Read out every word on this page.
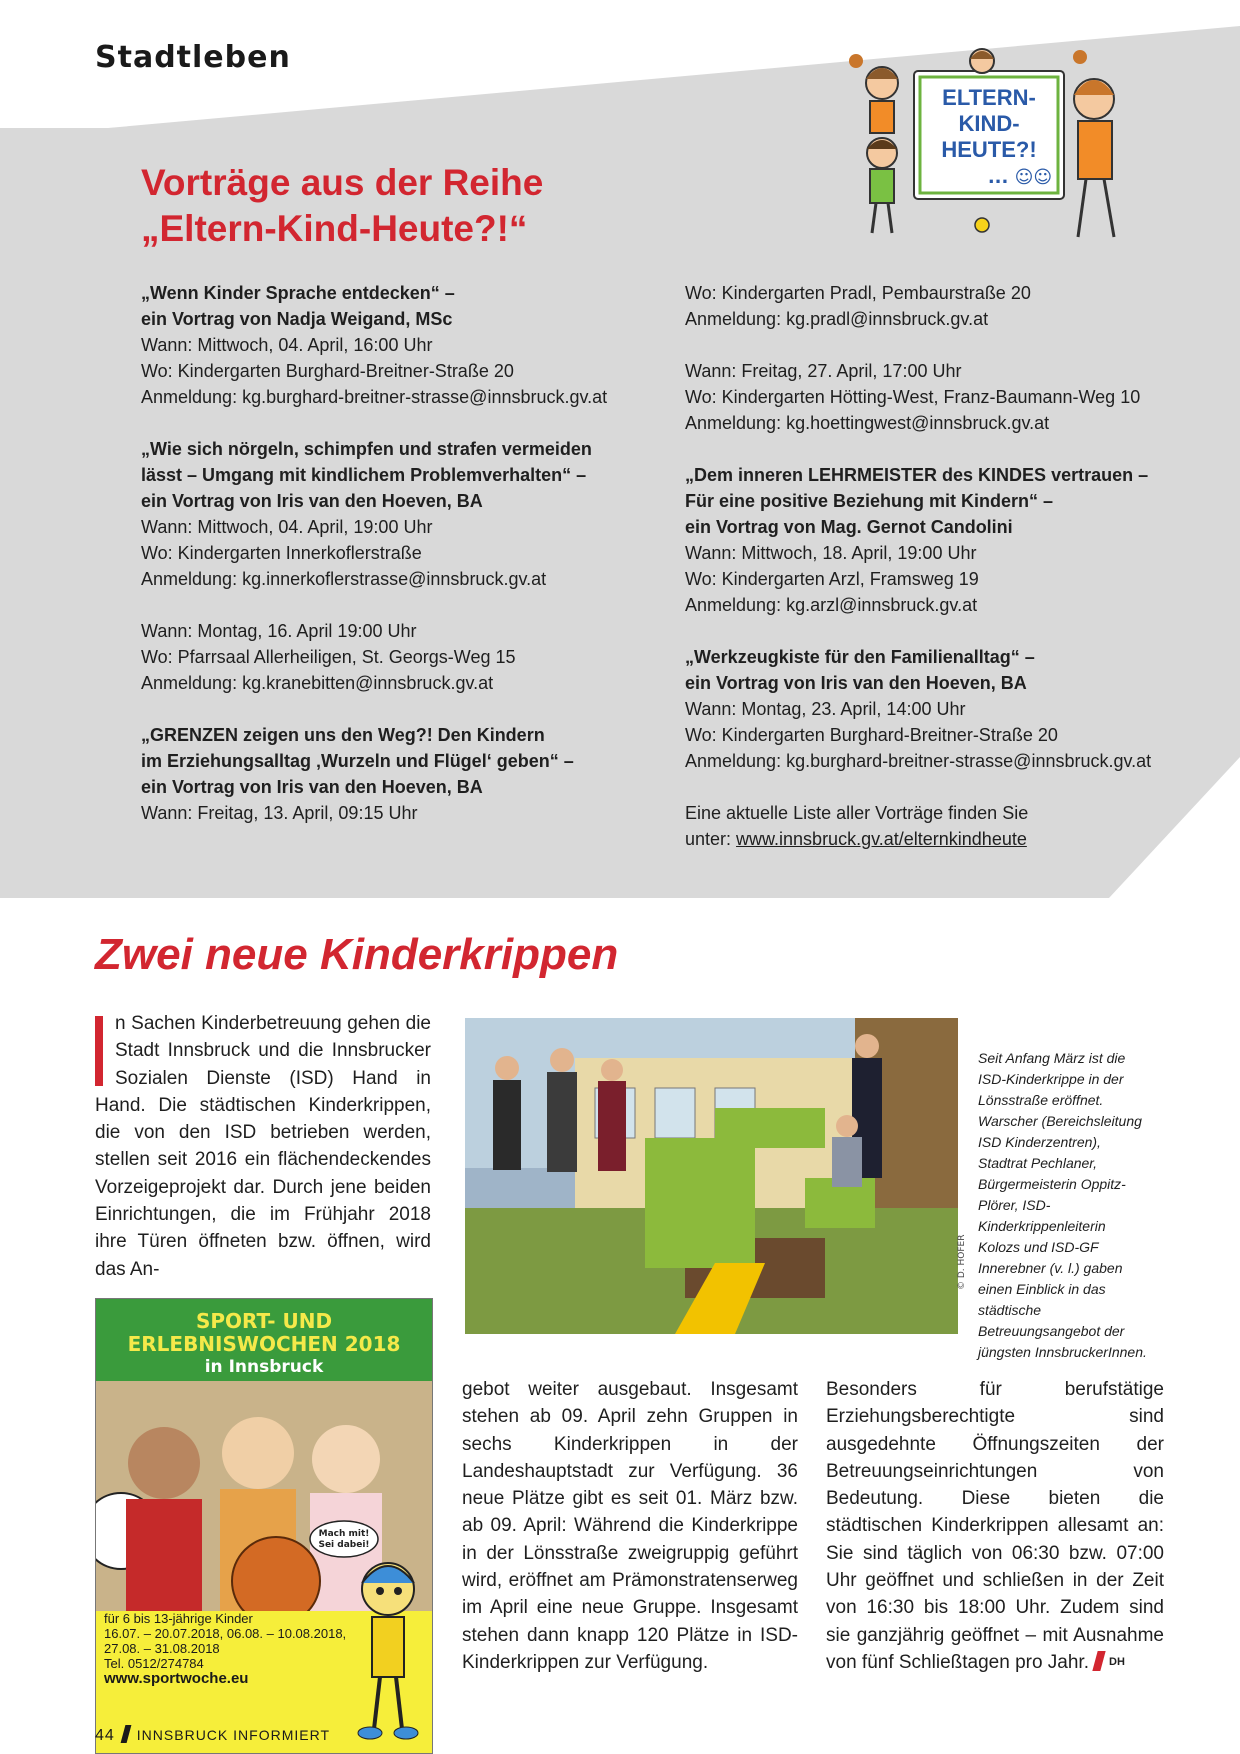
Stadtleben
ELTERN-
KIND-
HEUTE?!
... ☺☺
Vorträge aus der Reihe
„Eltern-Kind-Heute?!“

„Wenn Kinder Sprache entdecken“ –
ein Vortrag von Nadja Weigand, MSc
Wann: Mittwoch, 04. April, 16:00 Uhr
Wo: Kindergarten Burghard-Breitner-Straße 20
Anmeldung: kg.burghard-breitner-strasse@innsbruck.gv.at

„Wie sich nörgeln, schimpfen und strafen vermeiden
lässt – Umgang mit kindlichem Problemverhalten“ –
ein Vortrag von Iris van den Hoeven, BA
Wann: Mittwoch, 04. April, 19:00 Uhr
Wo: Kindergarten Innerkoflerstraße
Anmeldung: kg.innerkoflerstrasse@innsbruck.gv.at

Wann: Montag, 16. April 19:00 Uhr
Wo: Pfarrsaal Allerheiligen, St. Georgs-Weg 15
Anmeldung: kg.kranebitten@innsbruck.gv.at

„GRENZEN zeigen uns den Weg?! Den Kindern
im Erziehungsalltag ‚Wurzeln und Flügel‘ geben“ –
ein Vortrag von Iris van den Hoeven, BA
Wann: Freitag, 13. April, 09:15 Uhr

Wo: Kindergarten Pradl, Pembaurstraße 20
Anmeldung: kg.pradl@innsbruck.gv.at

Wann: Freitag, 27. April, 17:00 Uhr
Wo: Kindergarten Hötting-West, Franz-Baumann-Weg 10
Anmeldung: kg.hoettingwest@innsbruck.gv.at

„Dem inneren LEHRMEISTER des KINDES vertrauen –
Für eine positive Beziehung mit Kindern“ –
ein Vortrag von Mag. Gernot Candolini
Wann: Mittwoch, 18. April, 19:00 Uhr
Wo: Kindergarten Arzl, Framsweg 19
Anmeldung: kg.arzl@innsbruck.gv.at

„Werkzeugkiste für den Familienalltag“ –
ein Vortrag von Iris van den Hoeven, BA
Wann: Montag, 23. April, 14:00 Uhr
Wo: Kindergarten Burghard-Breitner-Straße 20
Anmeldung: kg.burghard-breitner-strasse@innsbruck.gv.at

Eine aktuelle Liste aller Vorträge finden Sie
unter: www.innsbruck.gv.at/elternkindheute

Zwei neue Kinderkrippen
n Sachen Kinderbetreuung gehen die Stadt Innsbruck und die Innsbrucker Sozialen Dienste (ISD) Hand in Hand. Die städtischen Kinderkrippen, die von den ISD betrieben werden, stellen seit 2016 ein flächendeckendes Vorzeigeprojekt dar. Durch jene beiden Einrichtungen, die im Frühjahr 2018 ihre Türen öffneten bzw. öffnen, wird das An-	© D. HOFER
Seit Anfang März ist die ISD-Kinderkrippe in der Lönsstraße eröffnet. Warscher (Bereichsleitung ISD Kinderzentren), Stadtrat Pechlaner, Bürgermeisterin Oppitz-Plörer, ISD-Kinderkrippenleiterin Kolozs und ISD-GF Innerebner (v. l.) gaben einen Einblick in das städtische Betreuungsangebot der jüngsten InnsbruckerInnen.
gebot weiter ausgebaut. Insgesamt stehen ab 09. April zehn Gruppen in sechs Kinderkrippen in der Landeshauptstadt zur Verfügung. 36 neue Plätze gibt es seit 01. März bzw. ab 09. April: Während die Kinderkrippe in der Lönsstraße zweigruppig geführt wird, eröffnet am Prämonstratenserweg im April eine neue Gruppe. Insgesamt stehen dann knapp 120 Plätze in ISD-Kinderkrippen zur Verfügung.
Besonders für berufstätige Erziehungsberechtigte sind ausgedehnte Öffnungszeiten der Betreuungseinrichtungen von Bedeutung. Diese bieten die städtischen Kinderkrippen allesamt an: Sie sind täglich von 06:30 bzw. 07:00 Uhr geöffnet und schließen in der Zeit von 16:30 bis 18:00 Uhr. Zudem sind sie ganzjährig geöffnet – mit Ausnahme von fünf Schließtagen pro Jahr. $^{DH}$
SPORT- UND
ERLEBNISWOCHEN 2018
in Innsbruck
Mach mit!
Sei dabei!
für 6 bis 13-jährige Kinder
16.07. – 20.07.2018, 06.08. – 10.08.2018,
27.08. – 31.08.2018
Tel. 0512/274784
www.sportwoche.eu
44 INNSBRUCK INFORMIERT
